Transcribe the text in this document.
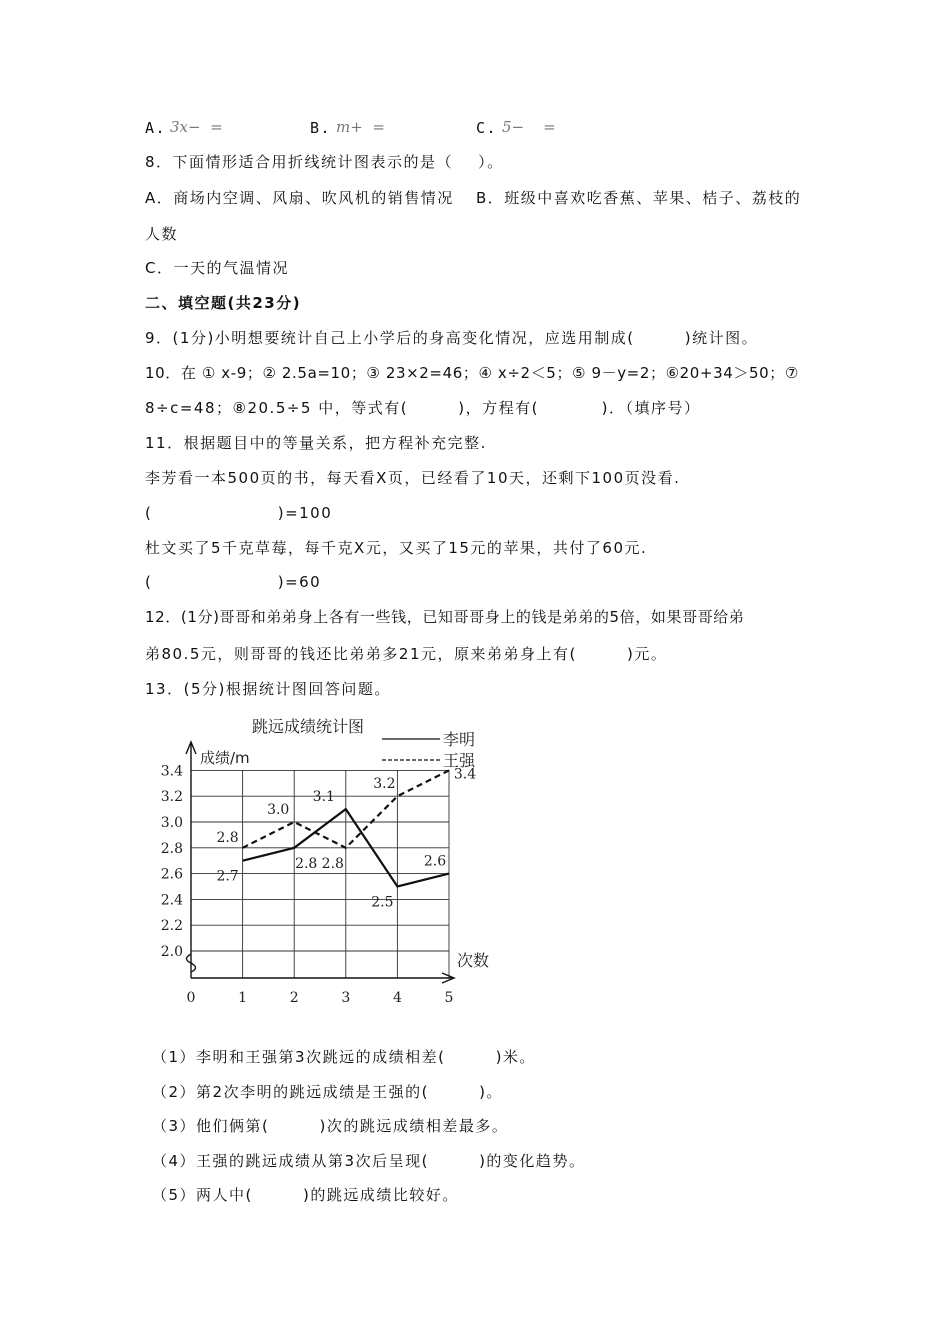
A. 3x−  =	B. m+  =	C. 5−    =
8．下面情形适合用折线统计图表示的是（    ）。
A．商场内空调、风扇、吹风机的销售情况 B．班级中喜欢吃香蕉、苹果、桔子、荔枝的
人数
C．一天的气温情况
二、填空题(共23分)
9．(1分)小明想要统计自己上小学后的身高变化情况，应选用制成(        )统计图。
10．在 ① x-9；② 2.5a=10；③ 23×2=46；④ x÷2＜5；⑤ 9－y=2；⑥20+34＞50；⑦
8÷c=48；⑧20.5÷5 中，等式有(        )，方程有(          )．（填序号）
11．根据题目中的等量关系，把方程补充完整.
李芳看一本500页的书，每天看X页，已经看了10天，还剩下100页没看.
(                    )=100
杜文买了5千克草莓，每千克X元，又买了15元的苹果，共付了60元.
(                    )=60
12．(1分)哥哥和弟弟身上各有一些钱，已知哥哥身上的钱是弟弟的5倍，如果哥哥给弟
弟80.5元，则哥哥的钱还比弟弟多21元，原来弟弟身上有(        )元。
13．(5分)根据统计图回答问题。
跳远成绩统计图
成绩/m
次数
李明
王强
2.0
2.2
2.4
2.6
2.8
3.0
3.2
3.4
0	1	2	3	4	5
2.7
2.8
3.1
2.5
2.6
2.8
3.0
2.8
3.2
3.4
（1）李明和王强第3次跳远的成绩相差(        )米。
（2）第2次李明的跳远成绩是王强的(        )。
（3）他们俩第(        )次的跳远成绩相差最多。
（4）王强的跳远成绩从第3次后呈现(        )的变化趋势。
（5）两人中(        )的跳远成绩比较好。
